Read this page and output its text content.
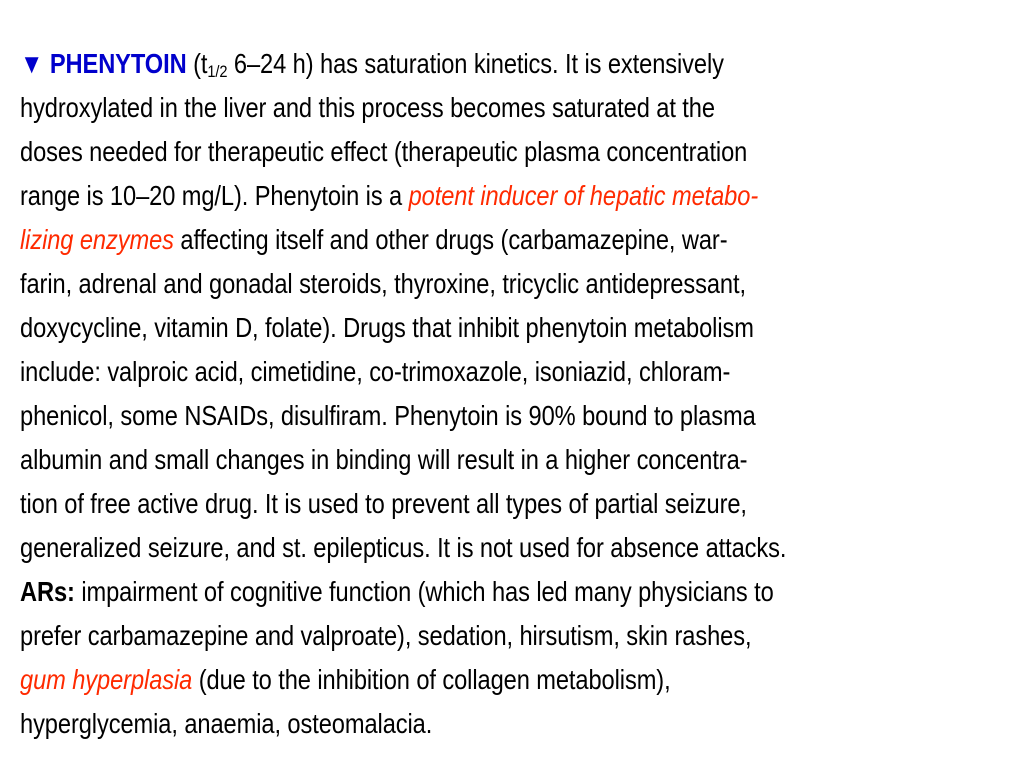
▼ PHENYTOIN ($t_{1/2}$ 6–24 h) has saturation kinetics. It is extensively
hydroxylated in the liver and this process becomes saturated at the
doses needed for therapeutic effect (therapeutic plasma concentration
range is 10–20 mg/L). Phenytoin is a potent inducer of hepatic metabo-
lizing enzymes affecting itself and other drugs (carbamazepine, war-
farin, adrenal and gonadal steroids, thyroxine, tricyclic antidepressant,
doxycycline, vitamin D, folate). Drugs that inhibit phenytoin metabolism
include: valproic acid, cimetidine, co-trimoxazole, isoniazid, chloram-
phenicol, some NSAIDs, disulfiram. Phenytoin is 90% bound to plasma
albumin and small changes in binding will result in a higher concentra-
tion of free active drug. It is used to prevent all types of partial seizure,
generalized seizure, and st. epilepticus. It is not used for absence attacks.
ARs: impairment of cognitive function (which has led many physicians to
prefer carbamazepine and valproate), sedation, hirsutism, skin rashes,
gum hyperplasia (due to the inhibition of collagen metabolism),
hyperglycemia, anaemia, osteomalacia.
